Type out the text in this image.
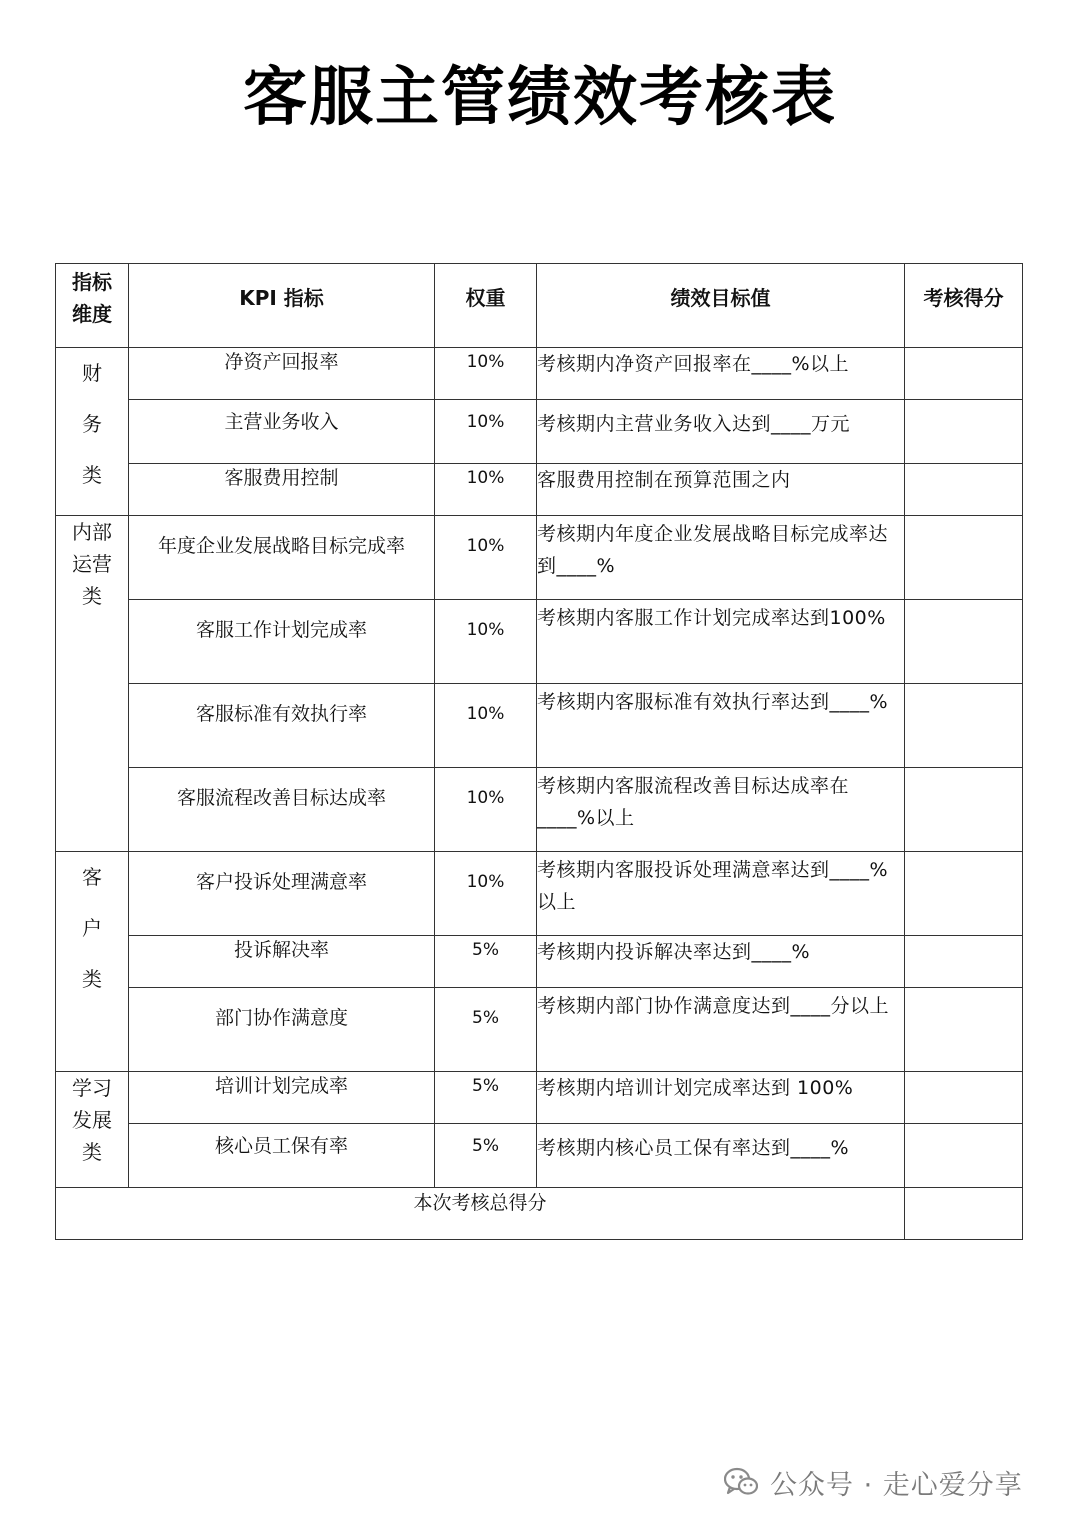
客服主管绩效考核表
指标
维度	KPI 指标	权重	绩效目标值	考核得分
财
务
类	净资产回报率	10%	考核期内净资产回报率在____%以上	
	主营业务收入	10%	考核期内主营业务收入达到____万元	
	客服费用控制	10%	客服费用控制在预算范围之内	
内部
运营
类	年度企业发展战略目标完成率	10%	考核期内年度企业发展战略目标完成率达到____%	
	客服工作计划完成率	10%	考核期内客服工作计划完成率达到100%	
	客服标准有效执行率	10%	考核期内客服标准有效执行率达到____%	
	客服流程改善目标达成率	10%	考核期内客服流程改善目标达成率在____%以上	
客
户
类	客户投诉处理满意率	10%	考核期内客服投诉处理满意率达到____%以上	
	投诉解决率	5%	考核期内投诉解决率达到____%	
	部门协作满意度	5%	考核期内部门协作满意度达到____分以上	
学习
发展
类	培训计划完成率	5%	考核期内培训计划完成率达到 100%	
	核心员工保有率	5%	考核期内核心员工保有率达到____%	
本次考核总得分				
公众号 · 走心爱分享
